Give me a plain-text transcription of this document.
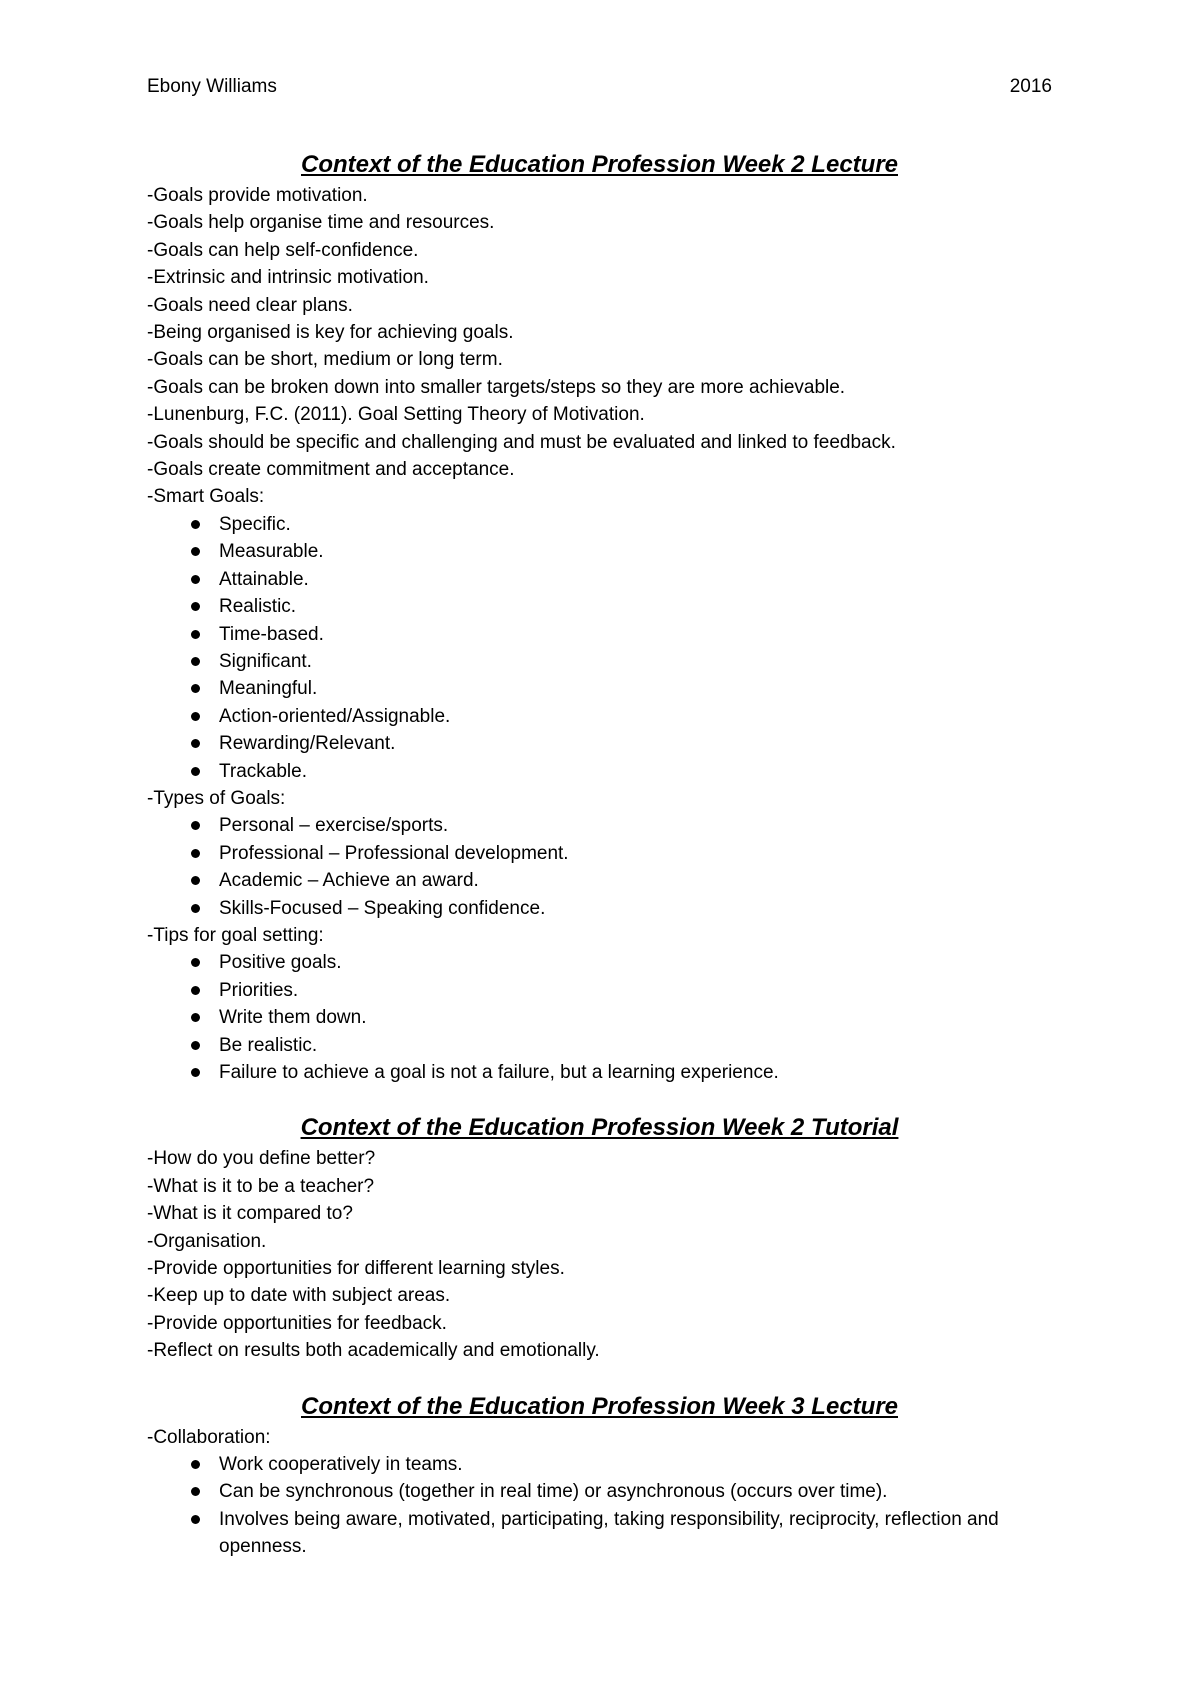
Ebony Williams	2016
Context of the Education Profession Week 2 Lecture
-Goals provide motivation.
-Goals help organise time and resources.
-Goals can help self-confidence.
-Extrinsic and intrinsic motivation.
-Goals need clear plans.
-Being organised is key for achieving goals.
-Goals can be short, medium or long term.
-Goals can be broken down into smaller targets/steps so they are more achievable.
-Lunenburg, F.C. (2011). Goal Setting Theory of Motivation.
-Goals should be specific and challenging and must be evaluated and linked to feedback.
-Goals create commitment and acceptance.
-Smart Goals:
Specific.
Measurable.
Attainable.
Realistic.
Time-based.
Significant.
Meaningful.
Action-oriented/Assignable.
Rewarding/Relevant.
Trackable.
-Types of Goals:
Personal – exercise/sports.
Professional – Professional development.
Academic – Achieve an award.
Skills-Focused – Speaking confidence.
-Tips for goal setting:
Positive goals.
Priorities.
Write them down.
Be realistic.
Failure to achieve a goal is not a failure, but a learning experience.
Context of the Education Profession Week 2 Tutorial
-How do you define better?
-What is it to be a teacher?
-What is it compared to?
-Organisation.
-Provide opportunities for different learning styles.
-Keep up to date with subject areas.
-Provide opportunities for feedback.
-Reflect on results both academically and emotionally.
Context of the Education Profession Week 3 Lecture
-Collaboration:
Work cooperatively in teams.
Can be synchronous (together in real time) or asynchronous (occurs over time).
Involves being aware, motivated, participating, taking responsibility, reciprocity, reflection and openness.
